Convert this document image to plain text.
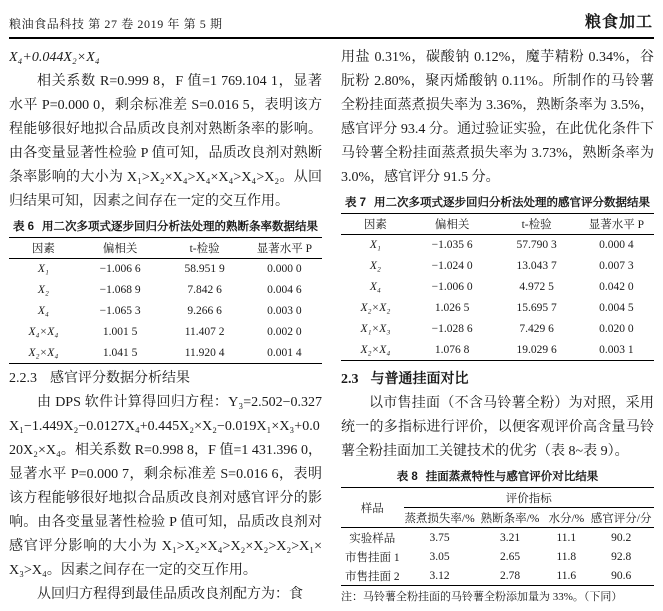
粮油食品科技 第 27 卷 2019 年 第 5 期	粮食加工

X₄+0.044X₂×X₄

相关系数 R=0.999 8，F 值=1 769.104 1，显著水平 P=0.000 0，剩余标准差 S=0.016 5，表明该方程能够很好地拟合品质改良剂对熟断条率的影响。由各变量显著性检验 P 值可知，品质改良剂对熟断条率影响的大小为 X₁>X₂×X₄>X₄×X₄>X₄>X₂。从回归结果可知，因素之间存在一定的交互作用。

表 6 用二次多项式逐步回归分析法处理的熟断条率数据结果
因素	偏相关	t-检验	显著水平 P
X₁	−1.006 6	58.951 9	0.000 0
X₂	−1.068 9	7.842 6	0.004 6
X₄	−1.065 3	9.266 6	0.003 0
X₄×X₄	1.001 5	11.407 2	0.002 0
X₂×X₄	1.041 5	11.920 4	0.001 4

2.2.3 感官评分数据分析结果

由 DPS 软件计算得回归方程：Y₃=2.502−0.327X₁−1.449X₂−0.0127X₄+0.445X₂×X₂−0.019X₁×X₃+0.020X₂×X₄。相关系数 R=0.998 8，F 值=1 431.396 0，显著水平 P=0.000 7，剩余标准差 S=0.016 6，表明该方程能够很好地拟合品质改良剂对感官评分的影响。由各变量显著性检验 P 值可知，品质改良剂对感官评分影响的大小为 X₁>X₂×X₄>X₂×X₂>X₂>X₁×X₃>X₄。因素之间存在一定的交互作用。

从回归方程得到最佳品质改良剂配方为：食

用盐 0.31%，碳酸钠 0.12%，魔芋精粉 0.34%，谷朊粉 2.80%，聚丙烯酸钠 0.11%。所制作的马铃薯全粉挂面蒸煮损失率为 3.36%，熟断条率为 3.5%，感官评分 93.4 分。通过验证实验，在此优化条件下马铃薯全粉挂面蒸煮损失率为 3.73%，熟断条率为 3.0%，感官评分 91.5 分。

表 7 用二次多项式逐步回归分析法处理的感官评分数据结果
因素	偏相关	t-检验	显著水平 P
X₁	−1.035 6	57.790 3	0.000 4
X₂	−1.024 0	13.043 7	0.007 3
X₄	−1.006 0	4.972 5	0.042 0
X₂×X₂	1.026 5	15.695 7	0.004 5
X₁×X₃	−1.028 6	7.429 6	0.020 0
X₂×X₄	1.076 8	19.029 6	0.003 1

2.3 与普通挂面对比

以市售挂面（不含马铃薯全粉）为对照，采用统一的多指标进行评价，以便客观评价高含量马铃薯全粉挂面加工关键技术的优劣（表 8~表 9）。

表 8 挂面蒸煮特性与感官评价对比结果
样品	评价指标			
	蒸煮损失率/%	熟断条率/%	水分/%	感官评分/分
实验样品	3.75	3.21	11.1	90.2
市售挂面 1	3.05	2.65	11.8	92.8
市售挂面 2	3.12	2.78	11.6	90.6

注：马铃薯全粉挂面的马铃薯全粉添加量为 33%。（下同）
